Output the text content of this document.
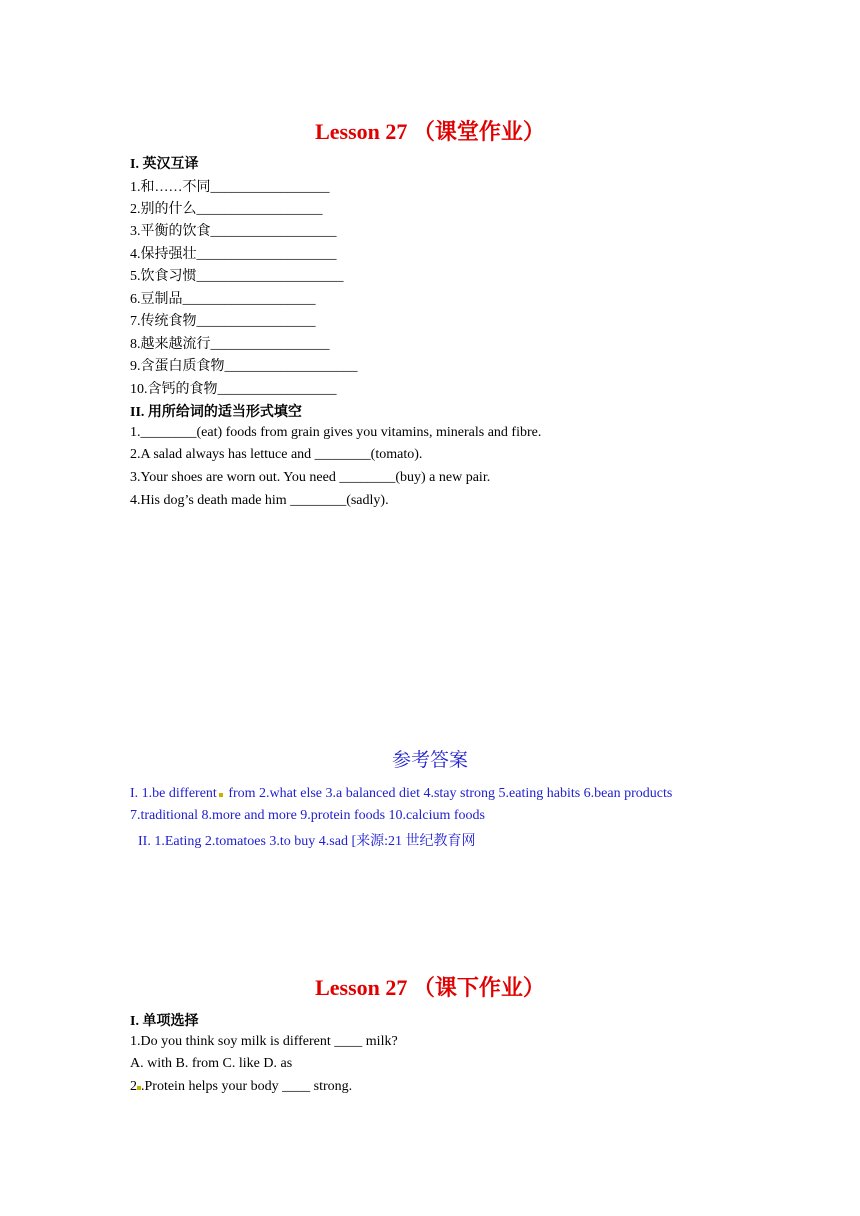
Lesson 27 （课堂作业）
I. 英汉互译
1.和……不同_________________
2.别的什么__________________
3.平衡的饮食__________________
4.保持强壮____________________
5.饮食习惯_____________________
6.豆制品___________________
7.传统食物_________________
8.越来越流行_________________
9.含蛋白质食物___________________
10.含钙的食物_________________
II. 用所给词的适当形式填空
1.________(eat) foods from grain gives you vitamins, minerals and fibre.
2.A salad always has lettuce and ________(tomato).
3.Your shoes are worn out. You need ________(buy) a new pair.
4.His dog’s death made him ________(sadly).
参考答案
I. 1.be different from 2.what else 3.a balanced diet 4.stay strong 5.eating habits 6.bean products
7.traditional 8.more and more 9.protein foods 10.calcium foods
II. 1.Eating 2.tomatoes 3.to buy 4.sad [来源:21 世纪教育网
Lesson 27 （课下作业）
I. 单项选择
1.Do you think soy milk is different ____ milk?
A. with B. from C. like D. as
2 .Protein helps your body ____ strong.
